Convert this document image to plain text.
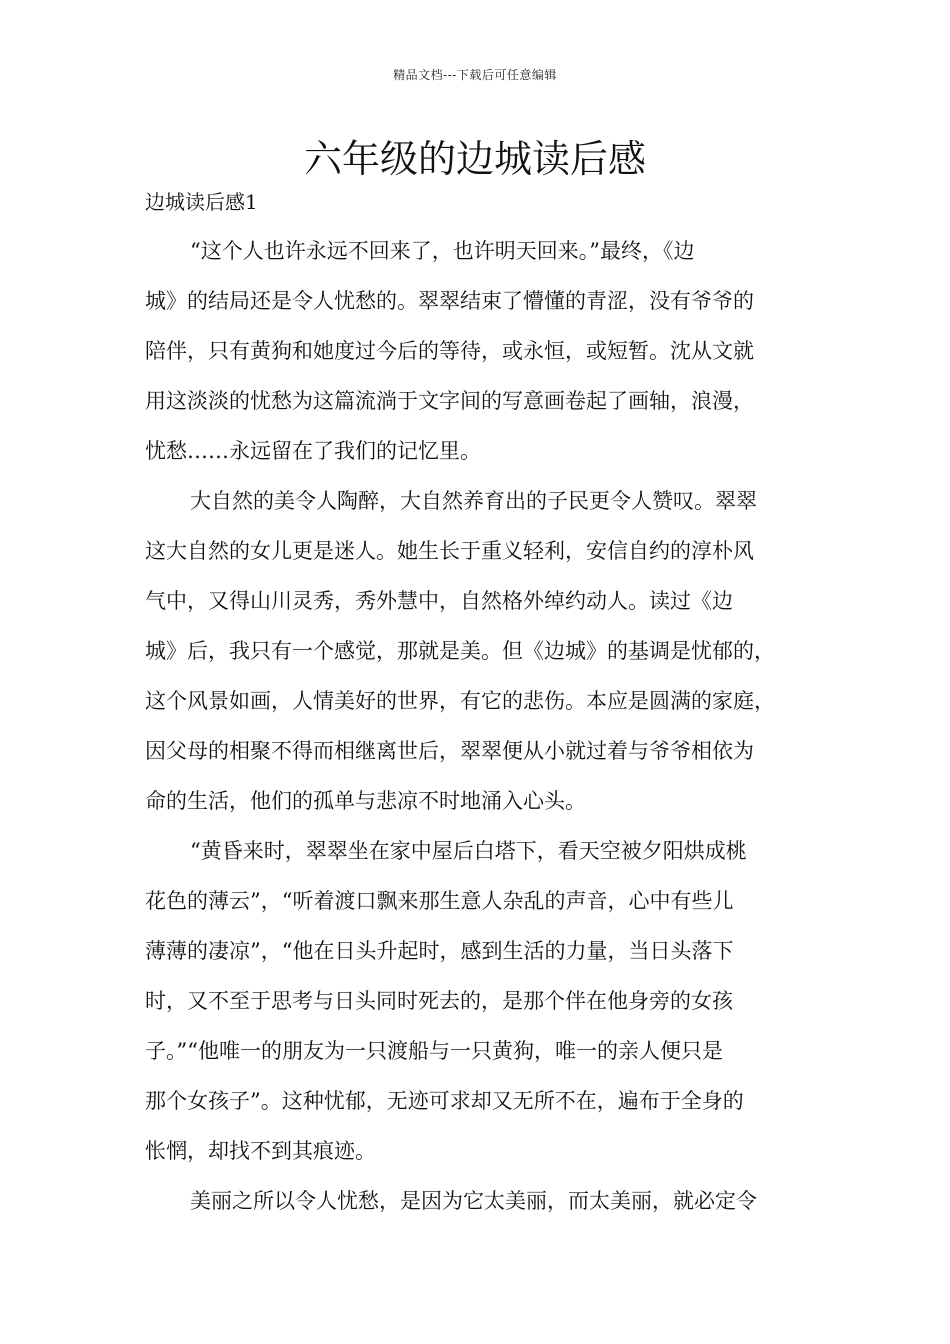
精品文档---下载后可任意编辑
六年级的边城读后感
边城读后感1
“这个人也许永远不回来了，也许明天回来。”最终，《边
城》的结局还是令人忧愁的。翠翠结束了懵懂的青涩，没有爷爷的
陪伴，只有黄狗和她度过今后的等待，或永恒，或短暂。沈从文就
用这淡淡的忧愁为这篇流淌于文字间的写意画卷起了画轴，浪漫，
忧愁……永远留在了我们的记忆里。
大自然的美令人陶醉，大自然养育出的子民更令人赞叹。翠翠
这大自然的女儿更是迷人。她生长于重义轻利，安信自约的淳朴风
气中，又得山川灵秀，秀外慧中，自然格外绰约动人。读过《边
城》后，我只有一个感觉，那就是美。但《边城》的基调是忧郁的，
这个风景如画，人情美好的世界，有它的悲伤。本应是圆满的家庭，
因父母的相聚不得而相继离世后，翠翠便从小就过着与爷爷相依为
命的生活，他们的孤单与悲凉不时地涌入心头。
“黄昏来时，翠翠坐在家中屋后白塔下，看天空被夕阳烘成桃
花色的薄云”，“听着渡口飘来那生意人杂乱的声音，心中有些儿
薄薄的凄凉”，“他在日头升起时，感到生活的力量，当日头落下
时，又不至于思考与日头同时死去的，是那个伴在他身旁的女孩
子。”“他唯一的朋友为一只渡船与一只黄狗，唯一的亲人便只是
那个女孩子”。这种忧郁，无迹可求却又无所不在，遍布于全身的
怅惘，却找不到其痕迹。
美丽之所以令人忧愁，是因为它太美丽，而太美丽，就必定令
